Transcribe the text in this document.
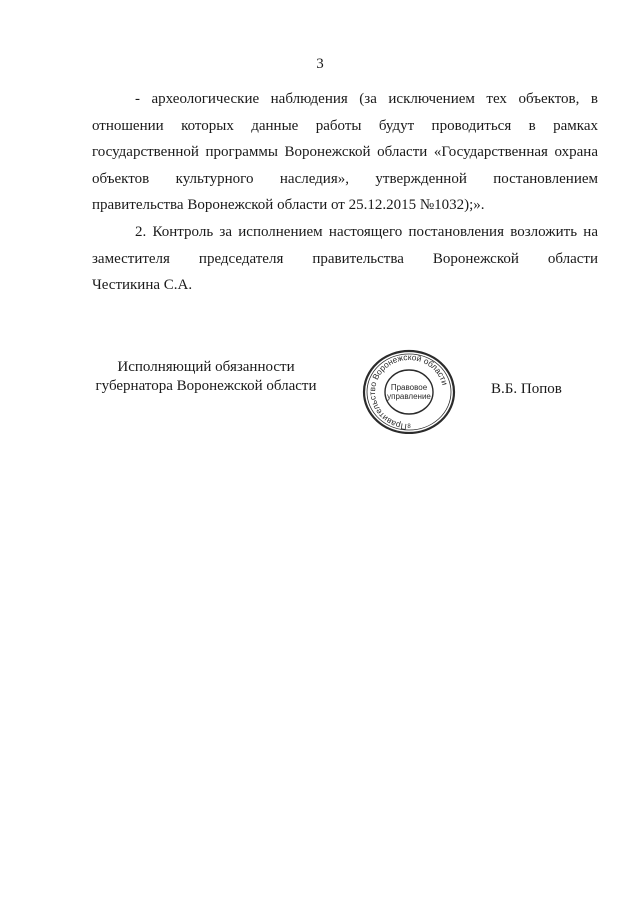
3

- археологические наблюдения (за исключением тех объектов, в
отношении которых данные работы будут проводиться в рамках
государственной программы Воронежской области «Государственная охрана
объектов культурного наследия», утвержденной постановлением
правительства Воронежской области от 25.12.2015 №1032);».

2. Контроль за исполнением настоящего постановления возложить на
заместителя председателя правительства Воронежской области
Честикина С.А.

Исполняющий обязанности
губернатора Воронежской области	В.Б. Попов
Правительство Воронежской области
Правовое
управление
8
